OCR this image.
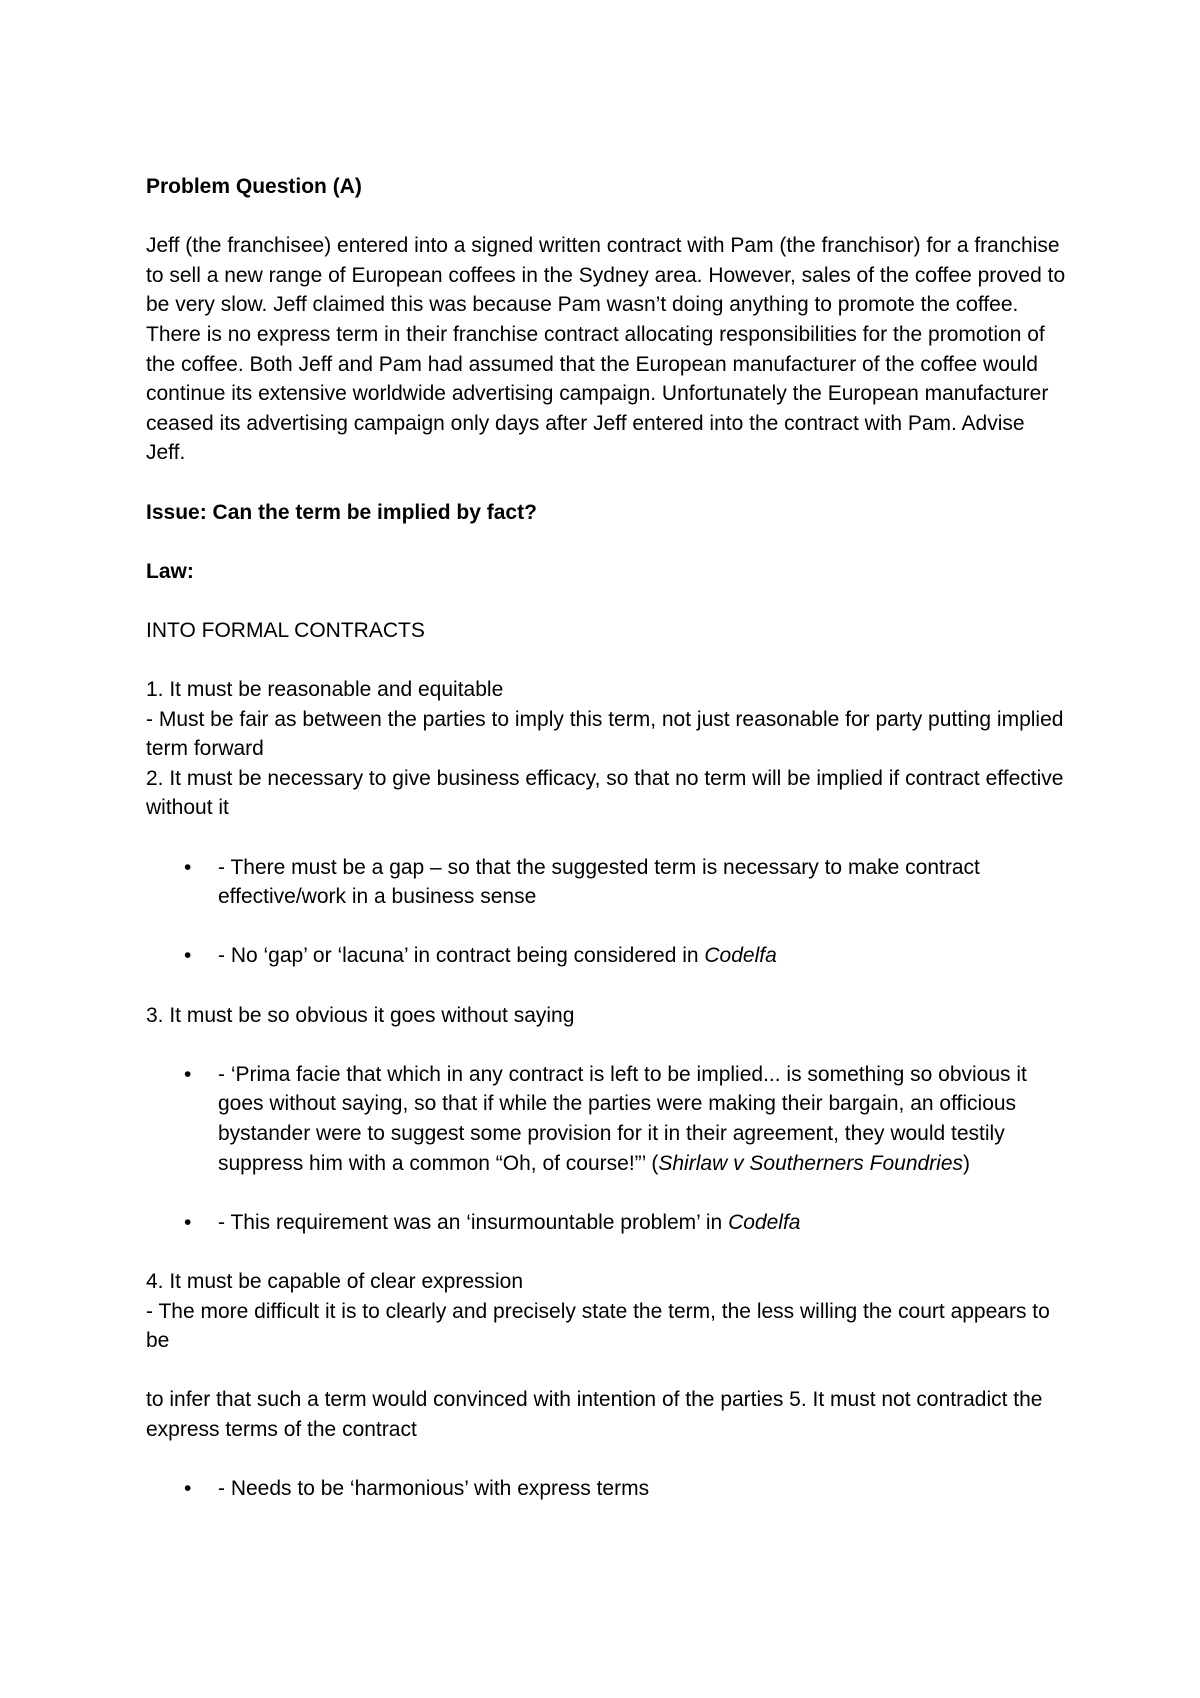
Problem Question (A)

Jeff (the franchisee) entered into a signed written contract with Pam (the franchisor) for a franchise to sell a new range of European coffees in the Sydney area. However, sales of the coffee proved to be very slow. Jeff claimed this was because Pam wasn’t doing anything to promote the coffee. There is no express term in their franchise contract allocating responsibilities for the promotion of the coffee. Both Jeff and Pam had assumed that the European manufacturer of the coffee would continue its extensive worldwide advertising campaign. Unfortunately the European manufacturer ceased its advertising campaign only days after Jeff entered into the contract with Pam. Advise Jeff.

Issue: Can the term be implied by fact?

Law:

INTO FORMAL CONTRACTS

1. It must be reasonable and equitable

- Must be fair as between the parties to imply this term, not just reasonable for party putting implied term forward

2. It must be necessary to give business efficacy, so that no term will be implied if contract effective without it

•	- There must be a gap – so that the suggested term is necessary to make contract effective/work in a business sense
•	- No ‘gap’ or ‘lacuna’ in contract being considered in Codelfa

3. It must be so obvious it goes without saying

•	- ‘Prima facie that which in any contract is left to be implied... is something so obvious it goes without saying, so that if while the parties were making their bargain, an officious bystander were to suggest some provision for it in their agreement, they would testily suppress him with a common “Oh, of course!”’ (Shirlaw v Southerners Foundries)
•	- This requirement was an ‘insurmountable problem’ in Codelfa

4. It must be capable of clear expression

- The more difficult it is to clearly and precisely state the term, the less willing the court appears to be

to infer that such a term would convinced with intention of the parties 5. It must not contradict the express terms of the contract

•	- Needs to be ‘harmonious’ with express terms
